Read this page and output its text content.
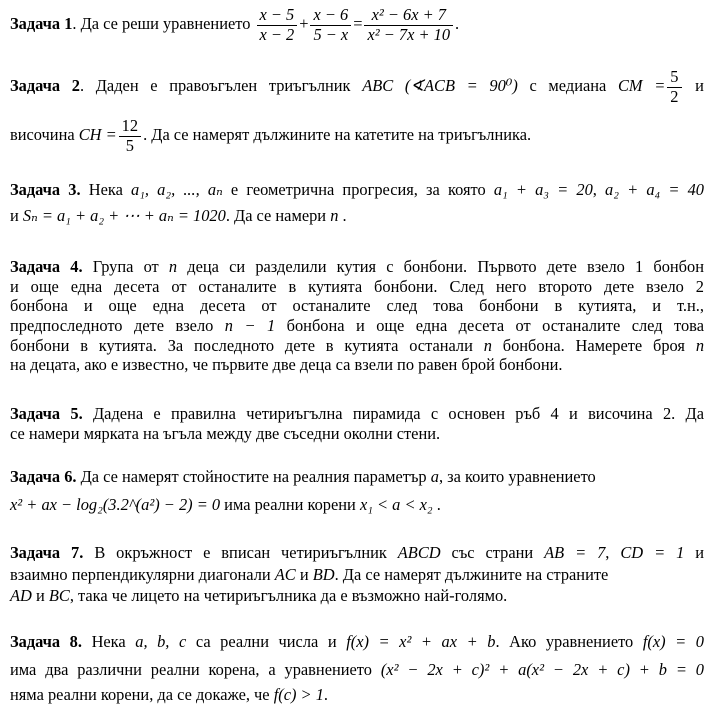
Задача 1. Да се реши уравнението $\frac{x - 5}{x - 2} + \frac{x - 6}{5 - x} = \frac{\text{x² − 6x + 7}}{\text{x² − 7x + 10}}$ .
Задача 2. Даден е правоъгълен триъгълник ABC (∢ACB = 90⁰) с медиана CM = $\frac{5}{2}$ и
височина CH = $\frac{12}{5}$ . Да се намерят дължините на катетите на триъгълника.
Задача 3. Нека a₁, a₂, ..., aₙ е геометрична прогресия, за която a₁ + a₃ = 20, a₂ + a₄ = 40
и Sₙ = a₁ + a₂ + ⋯ + aₙ = 1020. Да се намери n .
Задача 4. Група от n деца си разделили кутия с бонбони. Първото дете взело 1 бонбон
и още една десета от останалите в кутията бонбони. След него второто дете взело 2
бонбона и още една десета от останалите след това бонбони в кутията, и т.н.,
предпоследното дете взело n − 1 бонбона и още една десета от останалите след това
бонбони в кутията. За последното дете в кутията останали n бонбона. Намерете броя n
на децата, ако е известно, че първите две деца са взели по равен брой бонбони.
Задача 5. Дадена е правилна четириъгълна пирамида с основен ръб 4 и височина 2. Да
се намери мярката на ъгъла между две съседни околни стени.
Задача 6. Да се намерят стойностите на реалния параметър a, за които уравнението
x² + ax − log₂(3.2^(a²) − 2) = 0 има реални корени x₁ < a < x₂ .
Задача 7. В окръжност е вписан четириъгълник ABCD със страни AB = 7, CD = 1 и
взаимно перпендикулярни диагонали AC и BD. Да се намерят дължините на страните
AD и BC, така че лицето на четириъгълника да е възможно най-голямо.
Задача 8. Нека a, b, c са реални числа и f(x) = x² + ax + b. Ако уравнението f(x) = 0
има два различни реални корена, а уравнението (x² − 2x + c)² + a(x² − 2x + c) + b = 0
няма реални корени, да се докаже, че f(c) > 1.
